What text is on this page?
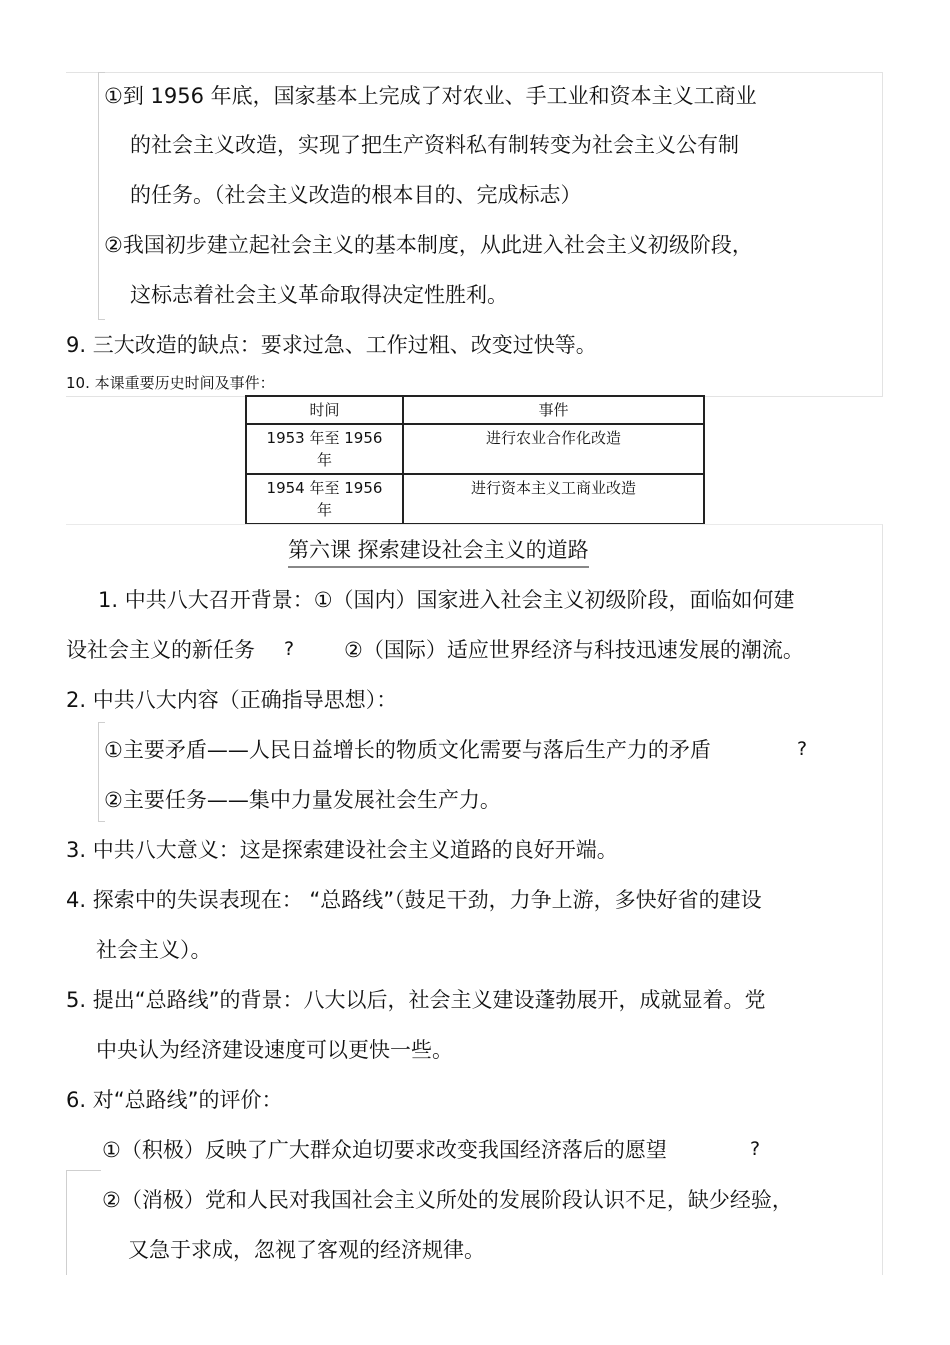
①到 1956 年底，国家基本上完成了对农业、手工业和资本主义工商业
的社会主义改造，实现了把生产资料私有制转变为社会主义公有制
的任务。（社会主义改造的根本目的、完成标志）
②我国初步建立起社会主义的基本制度，从此进入社会主义初级阶段，
这标志着社会主义革命取得决定性胜利。
9. 三大改造的缺点：要求过急、工作过粗、改变过快等。
10. 本课重要历史时间及事件：
时间	事件
1953 年至 1956
年	进行农业合作化改造
1954 年至 1956
年	进行资本主义工商业改造
第六课 探索建设社会主义的道路
1. 中共八大召开背景：①（国内）国家进入社会主义初级阶段，面临如何建
设社会主义的新任务 ? ②（国际）适应世界经济与科技迅速发展的潮流。
2. 中共八大内容（正确指导思想）：
①主要矛盾——人民日益增长的物质文化需要与落后生产力的矛盾	?
②主要任务——集中力量发展社会生产力。
3. 中共八大意义：这是探索建设社会主义道路的良好开端。
4. 探索中的失误表现在： “总路线”（鼓足干劲，力争上游，多快好省的建设
社会主义）。
5. 提出“总路线”的背景：八大以后，社会主义建设蓬勃展开，成就显着。党
中央认为经济建设速度可以更快一些。
6. 对“总路线”的评价：
①（积极）反映了广大群众迫切要求改变我国经济落后的愿望	?
②（消极）党和人民对我国社会主义所处的发展阶段认识不足，缺少经验，
又急于求成，忽视了客观的经济规律。
